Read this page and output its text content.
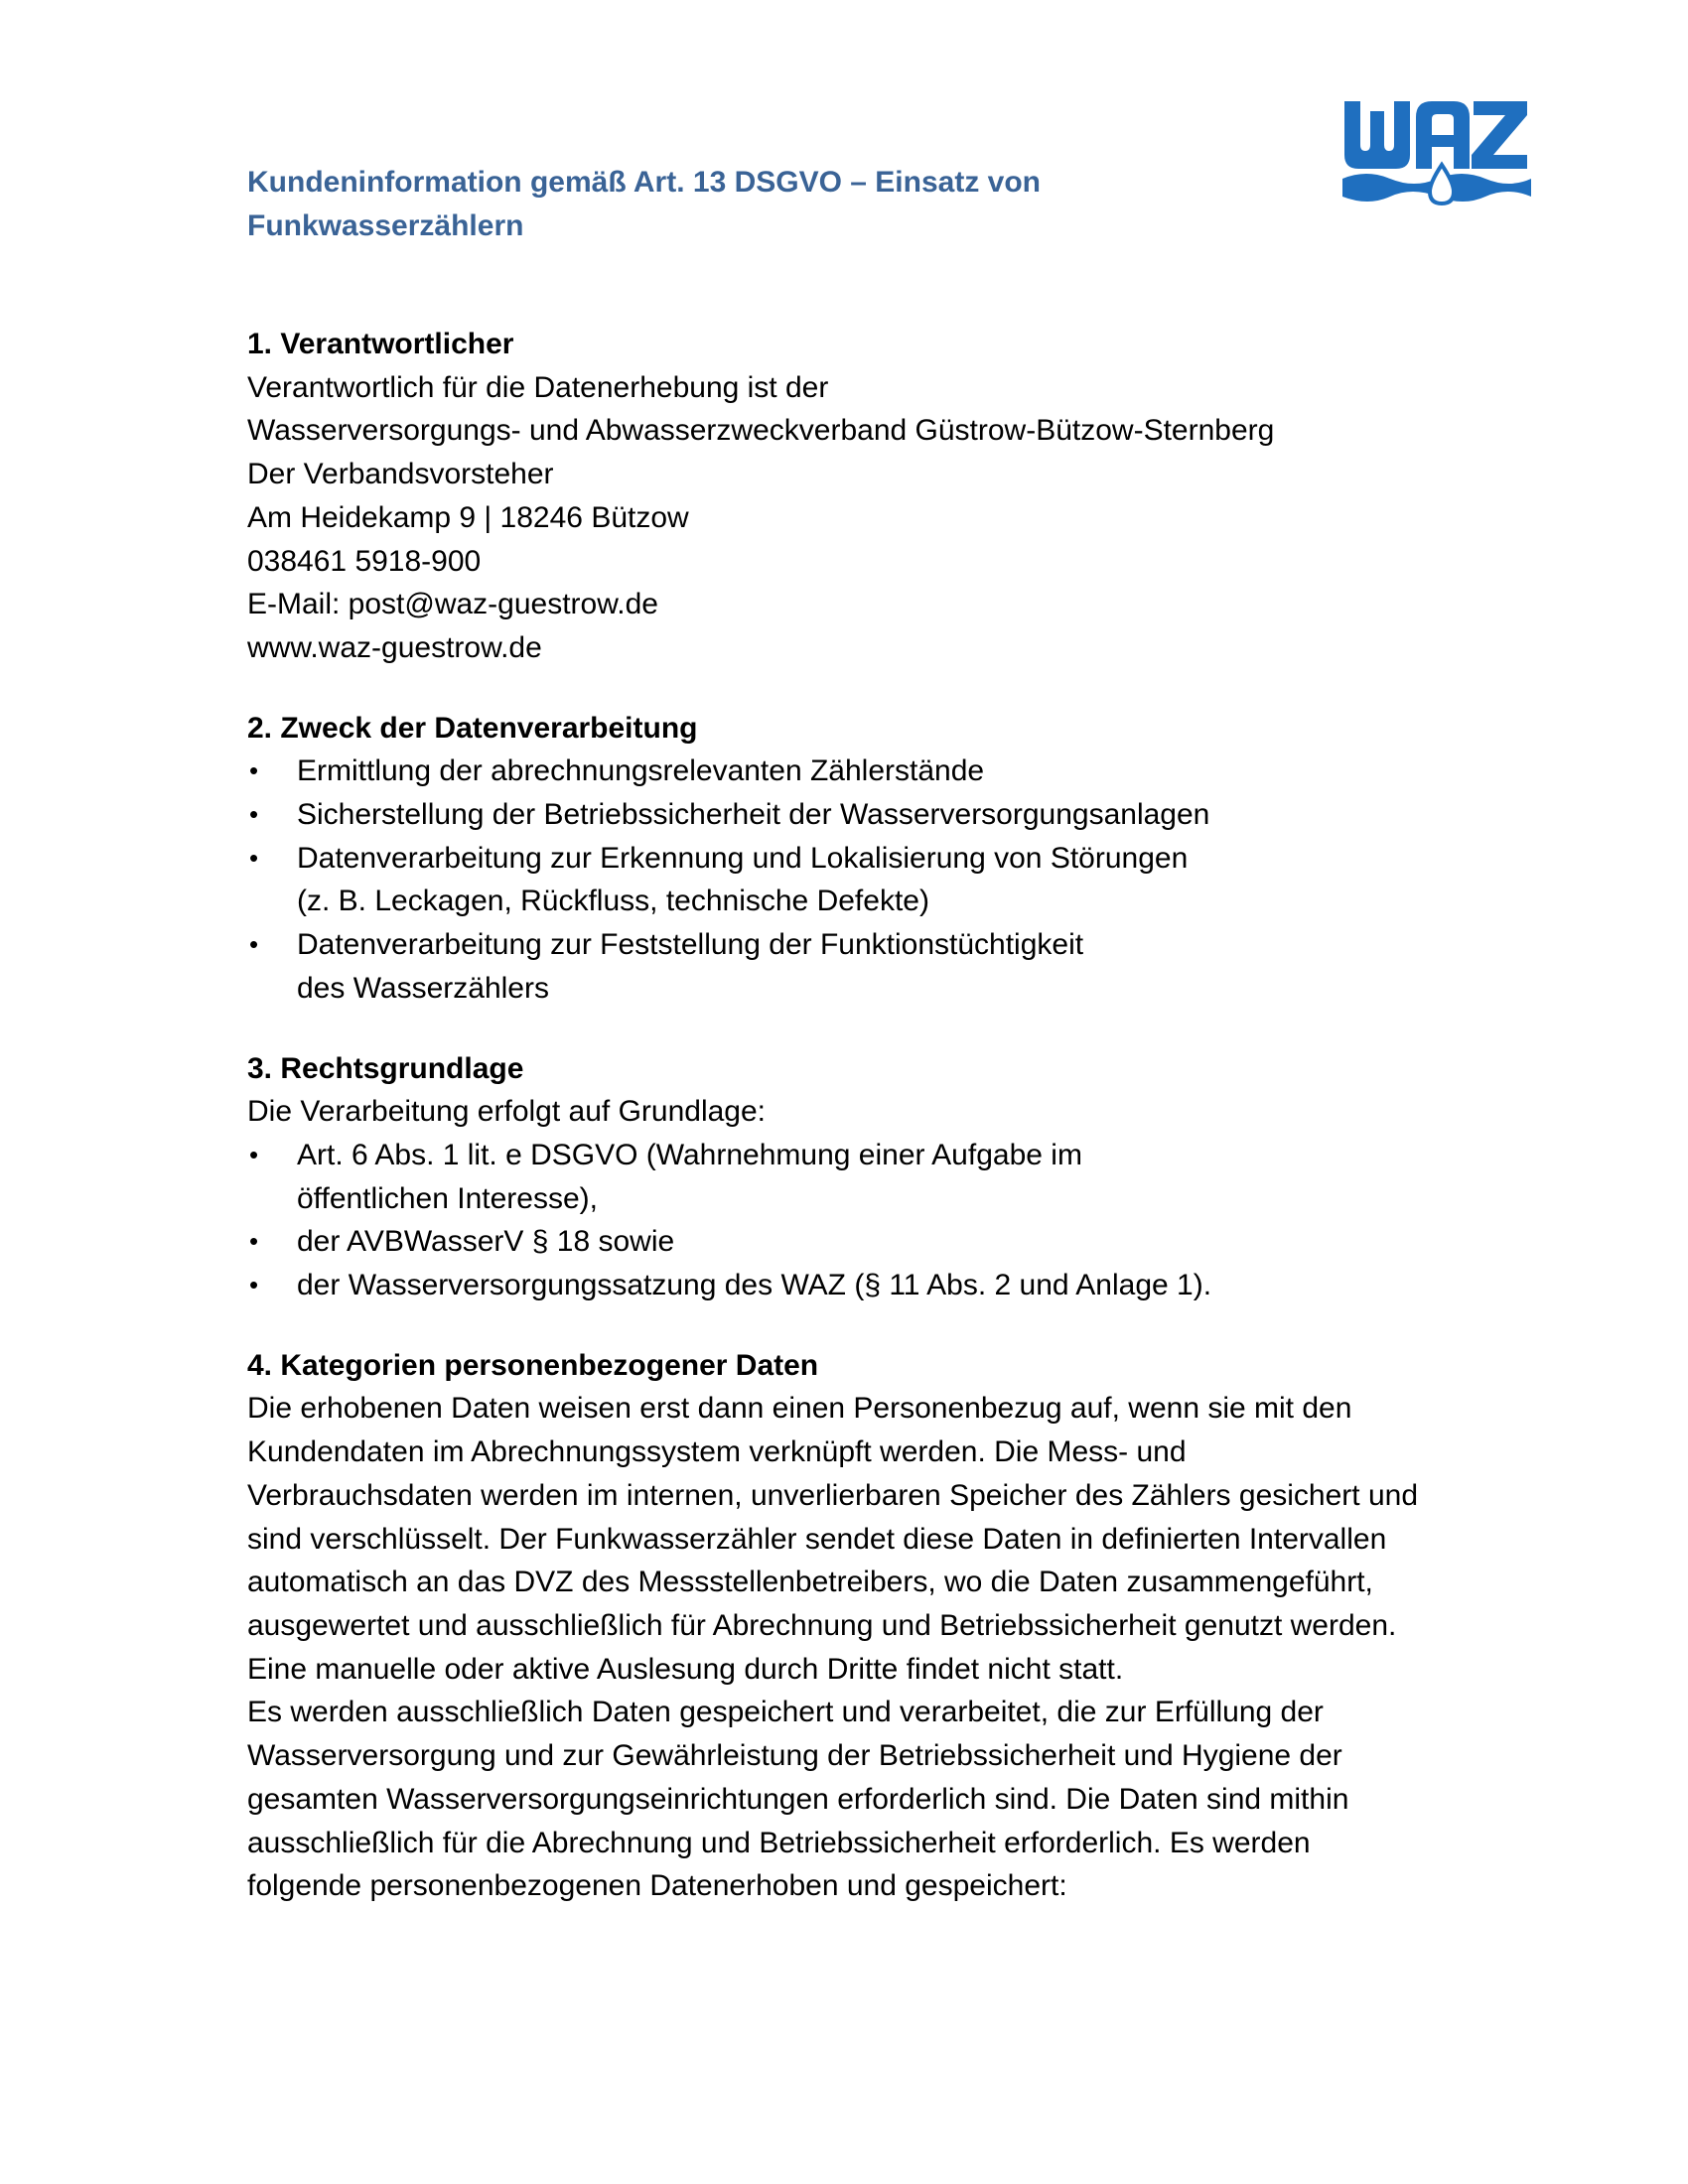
Kundeninformation gemäß Art. 13 DSGVO – Einsatz von
Funkwasserzählern

1. Verantwortlicher

Verantwortlich für die Datenerhebung ist der

Wasserversorgungs- und Abwasserzweckverband Güstrow-Bützow-Sternberg

Der Verbandsvorsteher

Am Heidekamp 9 | 18246 Bützow

038461 5918-900

E-Mail: post@waz-guestrow.de

www.waz-guestrow.de

2. Zweck der Datenverarbeitung

• Ermittlung der abrechnungsrelevanten Zählerstände
• Sicherstellung der Betriebssicherheit der Wasserversorgungsanlagen
• Datenverarbeitung zur Erkennung und Lokalisierung von Störungen (z. B. Leckagen, Rückfluss, technische Defekte)
• Datenverarbeitung zur Feststellung der Funktionstüchtigkeit des Wasserzählers

3. Rechtsgrundlage

Die Verarbeitung erfolgt auf Grundlage:

• Art. 6 Abs. 1 lit. e DSGVO (Wahrnehmung einer Aufgabe im öffentlichen Interesse),
• der AVBWasserV § 18 sowie
• der Wasserversorgungssatzung des WAZ (§ 11 Abs. 2 und Anlage 1).

4. Kategorien personenbezogener Daten

Die erhobenen Daten weisen erst dann einen Personenbezug auf, wenn sie mit den Kundendaten im Abrechnungssystem verknüpft werden. Die Mess- und Verbrauchsdaten werden im internen, unverlierbaren Speicher des Zählers gesichert und sind verschlüsselt. Der Funkwasserzähler sendet diese Daten in definierten Intervallen automatisch an das DVZ des Messstellenbetreibers, wo die Daten zusammengeführt, ausgewertet und ausschließlich für Abrechnung und Betriebssicherheit genutzt werden. Eine manuelle oder aktive Auslesung durch Dritte findet nicht statt.

Es werden ausschließlich Daten gespeichert und verarbeitet, die zur Erfüllung der Wasserversorgung und zur Gewährleistung der Betriebssicherheit und Hygiene der gesamten Wasserversorgungseinrichtungen erforderlich sind. Die Daten sind mithin ausschließlich für die Abrechnung und Betriebssicherheit erforderlich. Es werden folgende personenbezogenen Datenerhoben und gespeichert:
